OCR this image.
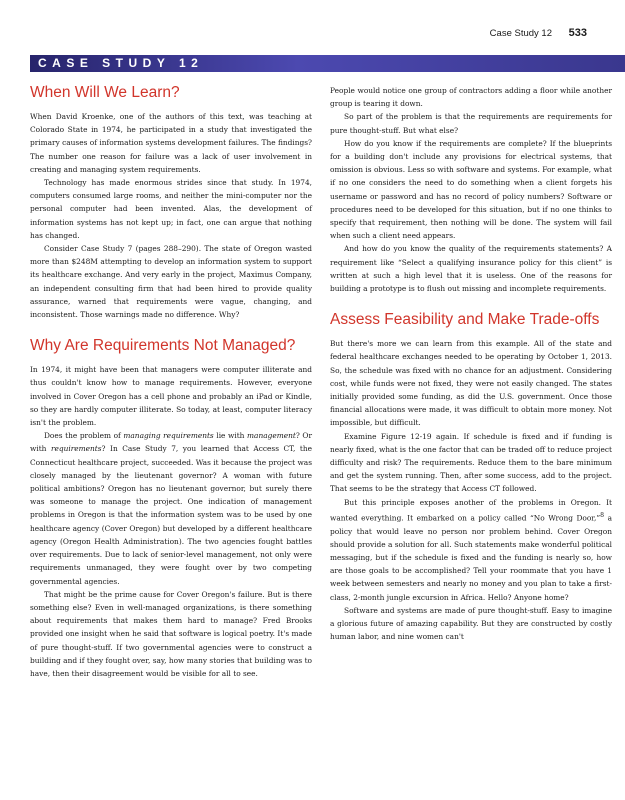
Case Study 12 533
CASE STUDY 12
When Will We Learn?

When David Kroenke, one of the authors of this text, was teaching at Colorado State in 1974, he participated in a study that investigated the primary causes of information systems development failures. The findings? The number one reason for failure was a lack of user involvement in creating and managing system requirements.

Technology has made enormous strides since that study. In 1974, computers consumed large rooms, and neither the mini-computer nor the personal computer had been invented. Alas, the development of information systems has not kept up; in fact, one can argue that nothing has changed.

Consider Case Study 7 (pages 288–290). The state of Oregon wasted more than $248M attempting to develop an information system to support its healthcare exchange. And very early in the project, Maximus Company, an independent consulting firm that had been hired to provide quality assurance, warned that requirements were vague, changing, and inconsistent. Those warnings made no difference. Why?

Why Are Requirements Not Managed?

In 1974, it might have been that managers were computer illiterate and thus couldn't know how to manage requirements. However, everyone involved in Cover Oregon has a cell phone and probably an iPad or Kindle, so they are hardly computer illiterate. So today, at least, computer literacy isn't the problem.

Does the problem of managing requirements lie with management? Or with requirements? In Case Study 7, you learned that Access CT, the Connecticut healthcare project, succeeded. Was it because the project was closely managed by the lieutenant governor? A woman with future political ambitions? Oregon has no lieutenant governor, but surely there was someone to manage the project. One indication of management problems in Oregon is that the information system was to be used by one healthcare agency (Cover Oregon) but developed by a different healthcare agency (Oregon Health Administration). The two agencies fought battles over requirements. Due to lack of senior-level management, not only were requirements unmanaged, they were fought over by two competing governmental agencies.

That might be the prime cause for Cover Oregon's failure. But is there something else? Even in well-managed organizations, is there something about requirements that makes them hard to manage? Fred Brooks provided one insight when he said that software is logical poetry. It's made of pure thought-stuff. If two governmental agencies were to construct a building and if they fought over, say, how many stories that building was to have, then their disagreement would be visible for all to see.

People would notice one group of contractors adding a floor while another group is tearing it down.

So part of the problem is that the requirements are requirements for pure thought-stuff. But what else?

How do you know if the requirements are complete? If the blueprints for a building don't include any provisions for electrical systems, that omission is obvious. Less so with software and systems. For example, what if no one considers the need to do something when a client forgets his username or password and has no record of policy numbers? Software or procedures need to be developed for this situation, but if no one thinks to specify that requirement, then nothing will be done. The system will fail when such a client need appears.

And how do you know the quality of the requirements statements? A requirement like “Select a qualifying insurance policy for this client” is written at such a high level that it is useless. One of the reasons for building a prototype is to flush out missing and incomplete requirements.

Assess Feasibility and Make Trade-offs

But there's more we can learn from this example. All of the state and federal healthcare exchanges needed to be operating by October 1, 2013. So, the schedule was fixed with no chance for an adjustment. Considering cost, while funds were not fixed, they were not easily changed. The states initially provided some funding, as did the U.S. government. Once those financial allocations were made, it was difficult to obtain more money. Not impossible, but difficult.

Examine Figure 12-19 again. If schedule is fixed and if funding is nearly fixed, what is the one factor that can be traded off to reduce project difficulty and risk? The requirements. Reduce them to the bare minimum and get the system running. Then, after some success, add to the project. That seems to be the strategy that Access CT followed.

But this principle exposes another of the problems in Oregon. It wanted everything. It embarked on a policy called “No Wrong Door,”$^8$ a policy that would leave no person nor problem behind. Cover Oregon should provide a solution for all. Such statements make wonderful political messaging, but if the schedule is fixed and the funding is nearly so, how are those goals to be accomplished? Tell your roommate that you have 1 week between semesters and nearly no money and you plan to take a first-class, 2-month jungle excursion in Africa. Hello? Anyone home?

Software and systems are made of pure thought-stuff. Easy to imagine a glorious future of amazing capability. But they are constructed by costly human labor, and nine women can't
